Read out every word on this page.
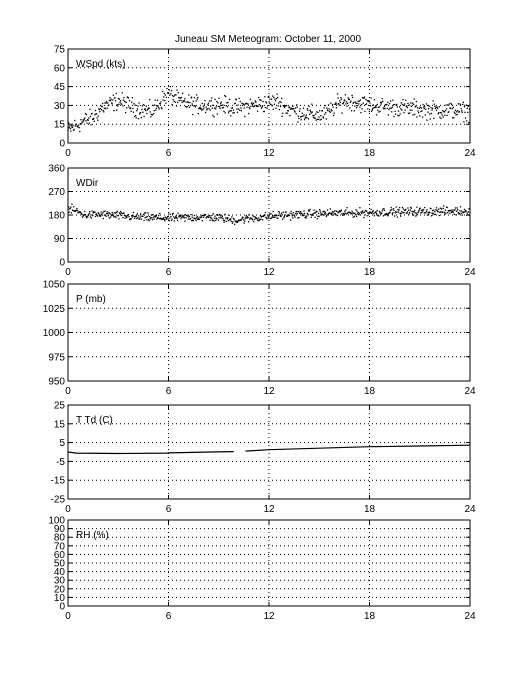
Juneau SM Meteogram: October 11, 2000
0	6	12	18	24
0
15
30
45
60
75
WSpd (kts)
0	6	12	18	24
0
90
180
270
360
WDir
0	6	12	18	24
950
975
1000
1025
1050
P (mb)
0	6	12	18	24
-25
-15
-5
5
15
25
T Td (C)
0	6	12	18	24
0
10
20
30
40
50
60
70
80
90
100
RH (%)
